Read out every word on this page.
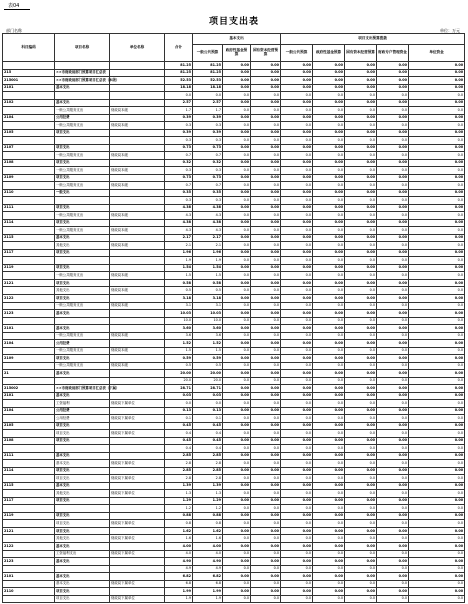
表04
项目支出表
部门名称	单位：万元
科目编码	项目名称	单位名称	合计	基本支出			项目支出预算拨款				
				一般公共预算	政府性基金预算	国有资本经营预算	一般公共预算	政府性基金预算	国有资本经营预算	财政专户管理资金	单位资金
			81.25	81.25	0.00	0.00	0.00	0.00	0.00	0.00	0.00
215	××市财政局部门预算项目汇总表		81.25	81.25	0.00	0.00	0.00	0.00	0.00	0.00	0.00
215001	××市财政局部门预算项目汇总表（本级）		52.53	52.53	0.00	0.00	0.00	0.00	0.00	0.00	0.00
2101	基本支出		18.18	18.18	0.00	0.00	0.00	0.00	0.00	0.00	0.00
			0.0	0.0	0.0	0.0	0.0	0.0	0.0	0.0	0.0
2102	基本支出		2.57	2.57	0.00	0.00	0.00	0.00	0.00	0.00	0.00
	一般公共服务支出	财政局本级	1.7	1.7	0.0	0.0	0.0	0.0	0.0	0.0	0.0
2104	公用经费		0.39	0.39	0.00	0.00	0.00	0.00	0.00	0.00	0.00
	一般公共服务支出	财政局本级	0.3	0.3	0.0	0.0	0.0	0.0	0.0	0.0	0.0
2105	项目支出		0.39	0.39	0.00	0.00	0.00	0.00	0.00	0.00	0.00
			0.3	0.3	0.0	0.0	0.0	0.0	0.0	0.0	0.0
2107	项目支出		0.73	0.73	0.00	0.00	0.00	0.00	0.00	0.00	0.00
	一般公共服务支出	财政局本级	0.7	0.7	0.0	0.0	0.0	0.0	0.0	0.0	0.0
2108	项目支出		0.32	0.32	0.00	0.00	0.00	0.00	0.00	0.00	0.00
	一般公共服务支出	财政局本级	0.3	0.3	0.0	0.0	0.0	0.0	0.0	0.0	0.0
2109	项目支出		0.73	0.73	0.00	0.00	0.00	0.00	0.00	0.00	0.00
	一般公共服务支出	财政局本级	0.7	0.7	0.0	0.0	0.0	0.0	0.0	0.0	0.0
2110	一般支出		0.35	0.35	0.00	0.00	0.00	0.00	0.00	0.00	0.00
			0.3	0.3	0.0	0.0	0.0	0.0	0.0	0.0	0.0
2111	项目支出		4.38	4.38	0.00	0.00	0.00	0.00	0.00	0.00	0.00
	一般公共服务支出	财政局本级	4.3	4.3	0.0	0.0	0.0	0.0	0.0	0.0	0.0
2114	项目支出		4.38	4.38	0.00	0.00	0.00	0.00	0.00	0.00	0.00
	一般公共服务支出	财政局本级	4.3	4.3	0.0	0.0	0.0	0.0	0.0	0.0	0.0
2115	基本支出		2.17	2.17	0.00	0.00	0.00	0.00	0.00	0.00	0.00
	其他支出	财政局本级	2.1	2.1	0.0	0.0	0.0	0.0	0.0	0.0	0.0
2117	项目支出		1.96	1.96	0.00	0.00	0.00	0.00	0.00	0.00	0.00
			1.9	1.9	0.0	0.0	0.0	0.0	0.0	0.0	0.0
2119	项目支出		1.54	1.54	0.00	0.00	0.00	0.00	0.00	0.00	0.00
	一般公共服务支出	财政局本级	1.5	1.5	0.0	0.0	0.0	0.0	0.0	0.0	0.0
2121	项目支出		0.58	0.58	0.00	0.00	0.00	0.00	0.00	0.00	0.00
	其他支出	财政局本级	0.5	0.5	0.0	0.0	0.0	0.0	0.0	0.0	0.0
2122	项目支出		3.18	3.18	0.00	0.00	0.00	0.00	0.00	0.00	0.00
	一般公共服务支出	财政局本级	3.1	3.1	0.0	0.0	0.0	0.0	0.0	0.0	0.0
2123	基本支出		10.03	10.03	0.00	0.00	0.00	0.00	0.00	0.00	0.00
			10.0	10.0	0.0	0.0	0.0	0.0	0.0	0.0	0.0
2101	基本支出		3.60	3.60	0.00	0.00	0.00	0.00	0.00	0.00	0.00
	一般公共服务支出	财政局本级	3.6	3.6	0.0	0.0	0.0	0.0	0.0	0.0	0.0
2104	公用经费		1.52	1.52	0.00	0.00	0.00	0.00	0.00	0.00	0.00
	一般公共服务支出	财政局本级	1.5	1.5	0.0	0.0	0.0	0.0	0.0	0.0	0.0
2109	项目支出		0.59	0.59	0.00	0.00	0.00	0.00	0.00	0.00	0.00
	一般公共服务支出	财政局本级	0.5	0.5	0.0	0.0	0.0	0.0	0.0	0.0	0.0
21	基本支出		20.00	20.00	0.00	0.00	0.00	0.00	0.00	0.00	0.00
			20.0	20.0	0.0	0.0	0.0	0.0	0.0	0.0	0.0
215002	××市财政局部门预算项目汇总表（下属）		28.71	28.71	0.00	0.00	0.00	0.00	0.00	0.00	0.00
2101	基本支出		0.03	0.03	0.00	0.00	0.00	0.00	0.00	0.00	0.00
	工资福利	财政局下属单位	0.0	0.0	0.0	0.0	0.0	0.0	0.0	0.0	0.0
2104	公用经费		0.13	0.13	0.00	0.00	0.00	0.00	0.00	0.00	0.00
	公用经费	财政局下属单位	0.1	0.1	0.0	0.0	0.0	0.0	0.0	0.0	0.0
2105	项目支出		0.45	0.45	0.00	0.00	0.00	0.00	0.00	0.00	0.00
	项目支出	财政局下属单位	0.4	0.4	0.0	0.0	0.0	0.0	0.0	0.0	0.0
2108	项目支出		0.45	0.45	0.00	0.00	0.00	0.00	0.00	0.00	0.00
			0.4	0.4	0.0	0.0	0.0	0.0	0.0	0.0	0.0
2111	基本支出		2.85	2.85	0.00	0.00	0.00	0.00	0.00	0.00	0.00
	基本支出	财政局下属单位	2.8	2.8	0.0	0.0	0.0	0.0	0.0	0.0	0.0
2114	项目支出		2.85	2.85	0.00	0.00	0.00	0.00	0.00	0.00	0.00
	项目支出	财政局下属单位	2.8	2.8	0.0	0.0	0.0	0.0	0.0	0.0	0.0
2115	基本支出		1.39	1.39	0.00	0.00	0.00	0.00	0.00	0.00	0.00
	其他支出	财政局下属单位	1.3	1.3	0.0	0.0	0.0	0.0	0.0	0.0	0.0
2117	项目支出		1.29	1.29	0.00	0.00	0.00	0.00	0.00	0.00	0.00
			1.2	1.2	0.0	0.0	0.0	0.0	0.0	0.0	0.0
2119	项目支出		0.88	0.88	0.00	0.00	0.00	0.00	0.00	0.00	0.00
	项目支出	财政局下属单位	0.8	0.8	0.0	0.0	0.0	0.0	0.0	0.0	0.0
2121	项目支出		1.62	1.62	0.00	0.00	0.00	0.00	0.00	0.00	0.00
	其他支出	财政局下属单位	1.6	1.6	0.0	0.0	0.0	0.0	0.0	0.0	0.0
2122	基本支出		4.00	4.00	0.00	0.00	0.00	0.00	0.00	0.00	0.00
	工资福利支出	财政局下属单位	4.0	4.0	0.0	0.0	0.0	0.0	0.0	0.0	0.0
2123	基本支出		4.90	4.90	0.00	0.00	0.00	0.00	0.00	0.00	0.00
			4.9	4.9	0.0	0.0	0.0	0.0	0.0	0.0	0.0
2101	基本支出		6.82	6.82	0.00	0.00	0.00	0.00	0.00	0.00	0.00
	基本支出	财政局下属单位	6.8	6.8	0.0	0.0	0.0	0.0	0.0	0.0	0.0
2110	项目支出		1.99	1.99	0.00	0.00	0.00	0.00	0.00	0.00	0.00
	项目支出	财政局下属单位	1.9	1.9	0.0	0.0	0.0	0.0	0.0	0.0	0.0
